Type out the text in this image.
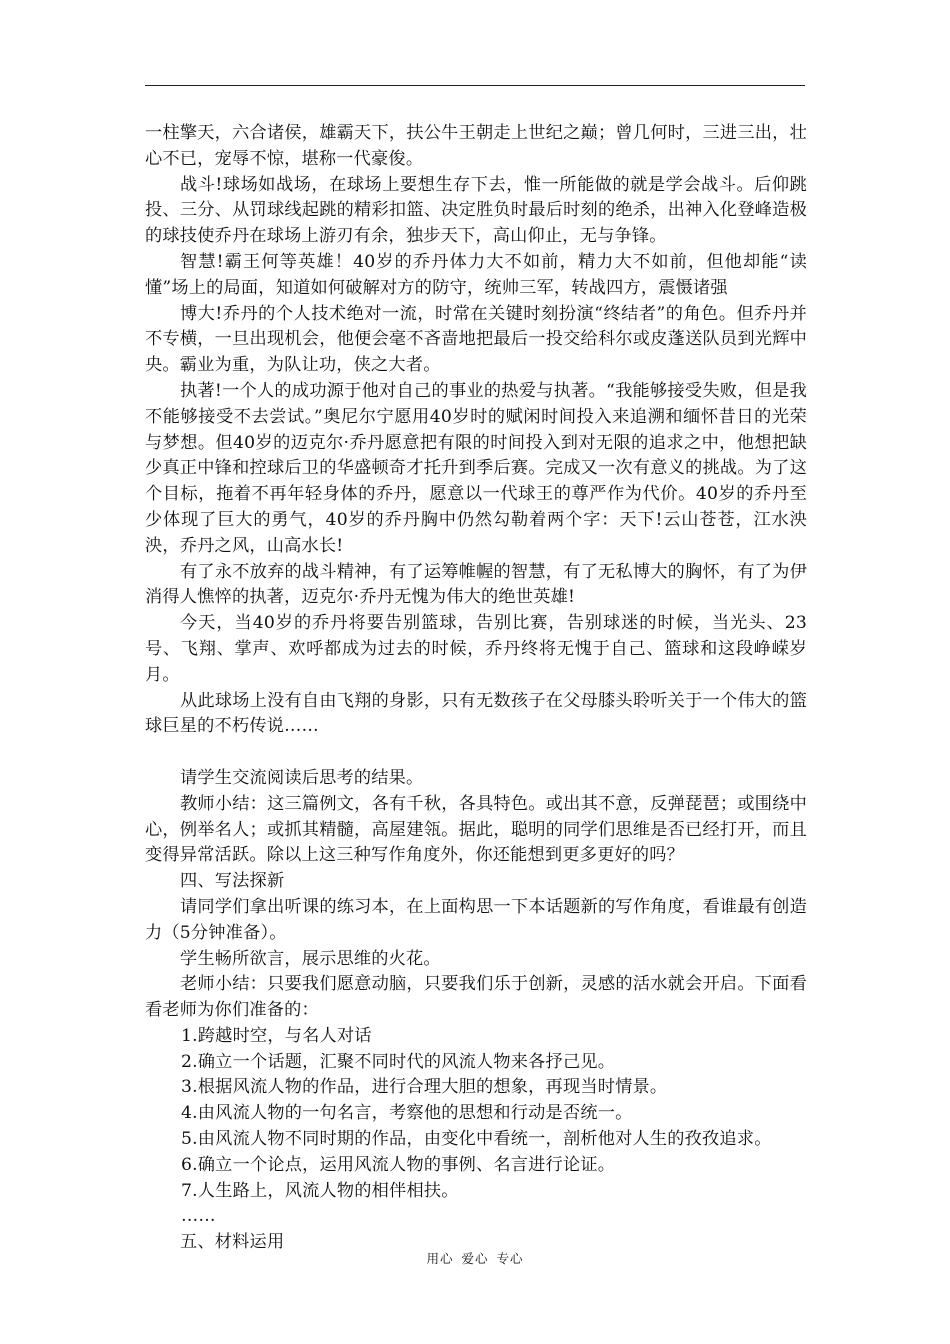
一柱擎天，六合诸侯，雄霸天下，扶公牛王朝走上世纪之巅；曾几何时，三进三出，壮心不已，宠辱不惊，堪称一代豪俊。

战斗!球场如战场，在球场上要想生存下去，惟一所能做的就是学会战斗。后仰跳投、三分、从罚球线起跳的精彩扣篮、决定胜负时最后时刻的绝杀，出神入化登峰造极的球技使乔丹在球场上游刃有余，独步天下，高山仰止，无与争锋。

智慧!霸王何等英雄！40岁的乔丹体力大不如前，精力大不如前，但他却能“读懂”场上的局面，知道如何破解对方的防守，统帅三军，转战四方，震慑诸强

博大!乔丹的个人技术绝对一流，时常在关键时刻扮演“终结者”的角色。但乔丹并不专横，一旦出现机会，他便会毫不吝啬地把最后一投交给科尔或皮蓬送队员到光辉中央。霸业为重，为队让功，侠之大者。

执著!一个人的成功源于他对自己的事业的热爱与执著。“我能够接受失败，但是我不能够接受不去尝试。”奥尼尔宁愿用40岁时的赋闲时间投入来追溯和缅怀昔日的光荣与梦想。但40岁的迈克尔·乔丹愿意把有限的时间投入到对无限的追求之中，他想把缺少真正中锋和控球后卫的华盛顿奇才托升到季后赛。完成又一次有意义的挑战。为了这个目标，拖着不再年轻身体的乔丹，愿意以一代球王的尊严作为代价。40岁的乔丹至少体现了巨大的勇气，40岁的乔丹胸中仍然勾勒着两个字：天下!云山苍苍，江水泱泱，乔丹之风，山高水长!

有了永不放弃的战斗精神，有了运筹帷幄的智慧，有了无私博大的胸怀，有了为伊消得人憔悴的执著，迈克尔·乔丹无愧为伟大的绝世英雄!

今天，当40岁的乔丹将要告别篮球，告别比赛，告别球迷的时候，当光头、23号、飞翔、掌声、欢呼都成为过去的时候，乔丹终将无愧于自己、篮球和这段峥嵘岁月。

从此球场上没有自由飞翔的身影，只有无数孩子在父母膝头聆听关于一个伟大的篮球巨星的不朽传说……

请学生交流阅读后思考的结果。

教师小结：这三篇例文，各有千秋，各具特色。或出其不意，反弹琵琶；或围绕中心，例举名人；或抓其精髓，高屋建瓴。据此，聪明的同学们思维是否已经打开，而且变得异常活跃。除以上这三种写作角度外，你还能想到更多更好的吗？

四、写法探新

请同学们拿出听课的练习本，在上面构思一下本话题新的写作角度，看谁最有创造力（5分钟准备）。

学生畅所欲言，展示思维的火花。

老师小结：只要我们愿意动脑，只要我们乐于创新，灵感的活水就会开启。下面看看老师为你们准备的：

1.跨越时空，与名人对话

2.确立一个话题，汇聚不同时代的风流人物来各抒己见。

3.根据风流人物的作品，进行合理大胆的想象，再现当时情景。

4.由风流人物的一句名言，考察他的思想和行动是否统一。

5.由风流人物不同时期的作品，由变化中看统一，剖析他对人生的孜孜追求。

6.确立一个论点，运用风流人物的事例、名言进行论证。

7.人生路上，风流人物的相伴相扶。

……

五、材料运用

用心 爱心 专心
